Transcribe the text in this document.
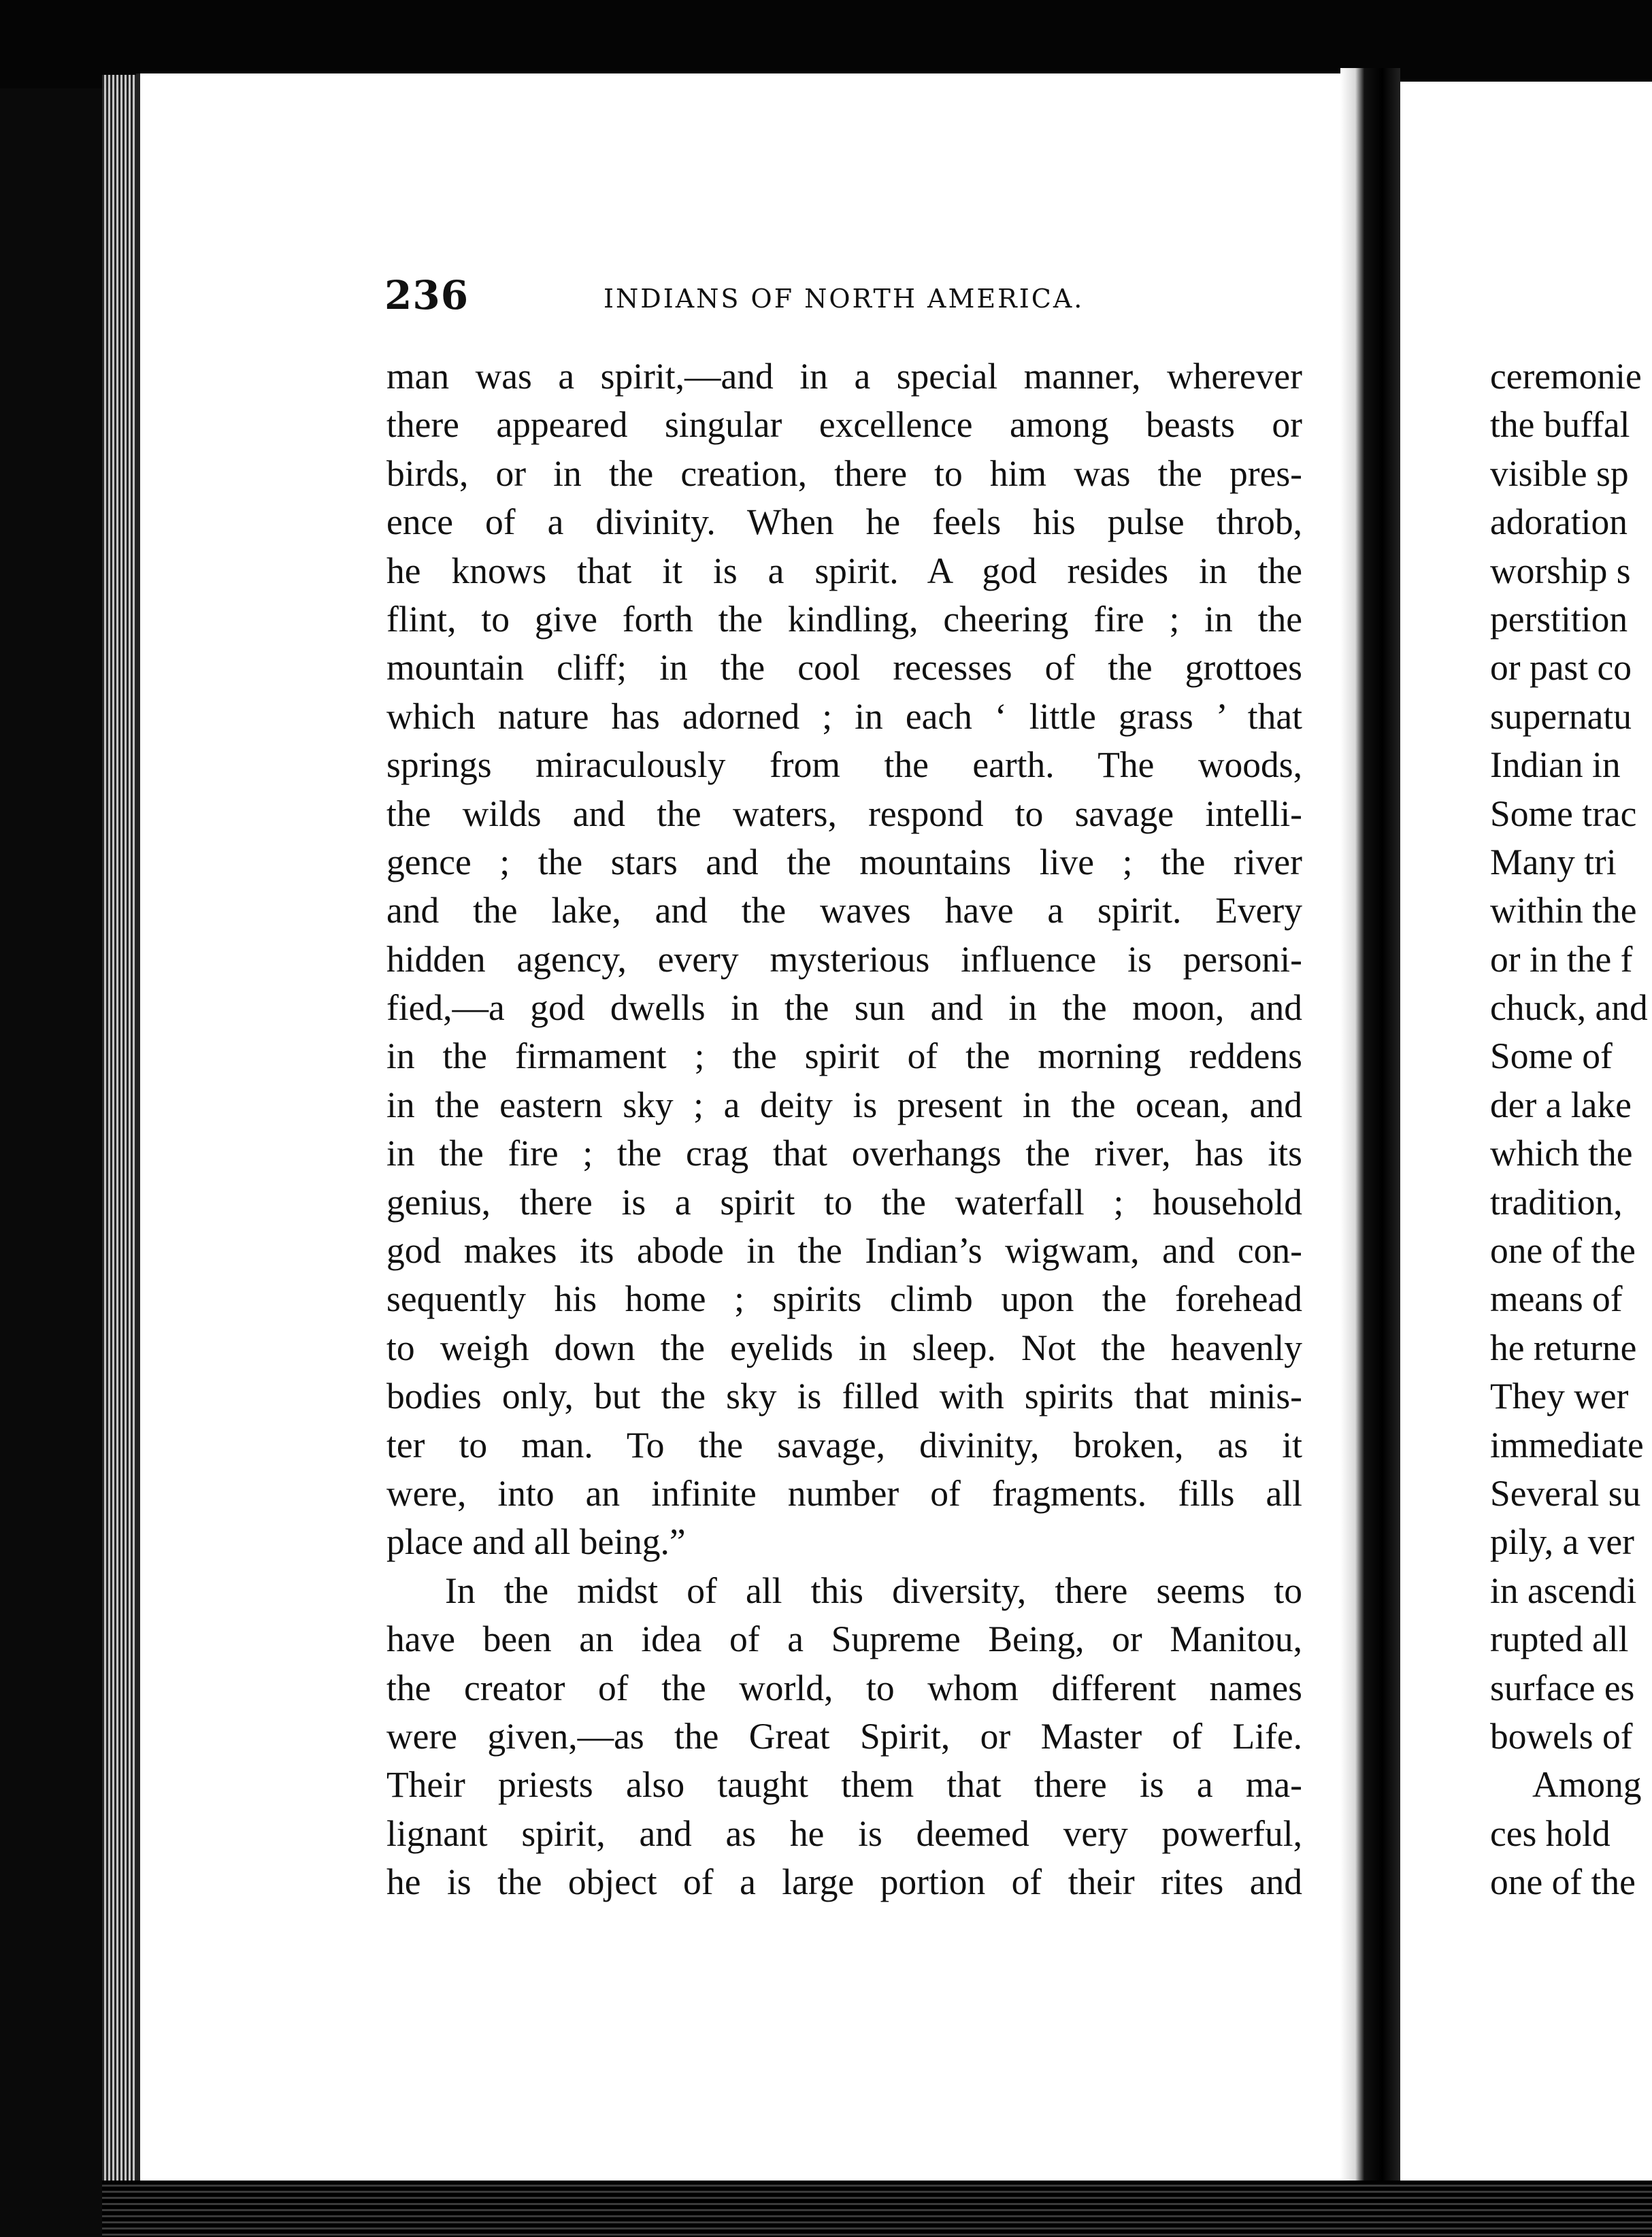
236	INDIANS OF NORTH AMERICA.
man was a spirit,—and in a special manner, wherever
there appeared singular excellence among beasts or
birds, or in the creation, there to him was the pres-
ence of a divinity. When he feels his pulse throb,
he knows that it is a spirit. A god resides in the
flint, to give forth the kindling, cheering fire ; in the
mountain cliff; in the cool recesses of the grottoes
which nature has adorned ; in each ‘ little grass ’ that
springs miraculously from the earth. The woods,
the wilds and the waters, respond to savage intelli-
gence ; the stars and the mountains live ; the river
and the lake, and the waves have a spirit. Every
hidden agency, every mysterious influence is personi-
fied,—a god dwells in the sun and in the moon, and
in the firmament ; the spirit of the morning reddens
in the eastern sky ; a deity is present in the ocean, and
in the fire ; the crag that overhangs the river, has its
genius, there is a spirit to the waterfall ; household
god makes its abode in the Indian’s wigwam, and con-
sequently his home ; spirits climb upon the forehead
to weigh down the eyelids in sleep. Not the heavenly
bodies only, but the sky is filled with spirits that minis-
ter to man. To the savage, divinity, broken, as it
were, into an infinite number of fragments. fills all
place and all being.”
In the midst of all this diversity, there seems to
have been an idea of a Supreme Being, or Manitou,
the creator of the world, to whom different names
were given,—as the Great Spirit, or Master of Life.
Their priests also taught them that there is a ma-
lignant spirit, and as he is deemed very powerful,
he is the object of a large portion of their rites and
ceremonie
the buffal
visible sp
adoration
worship s
perstition
or past co
supernatu
Indian in
Some trac
Many tri
within the
or in the f
chuck, and
Some of
der a lake
which the
tradition,
one of the
means of
he returne
They wer
immediate
Several su
pily, a ver
in ascendi
rupted all
surface es
bowels of
Among
ces hold
one of the
